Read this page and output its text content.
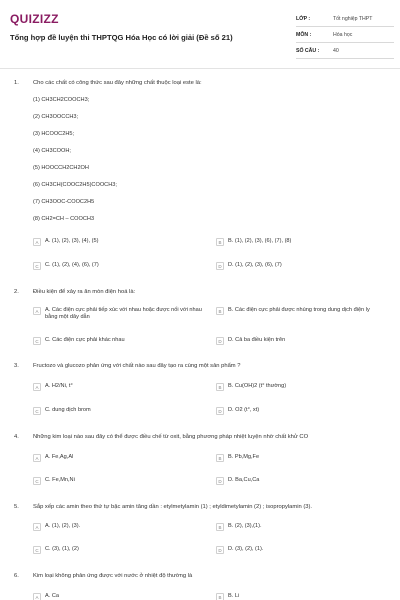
QUIZIZZ
Tổng hợp đề luyện thi THPTQG Hóa Học có lời giải (Đề số 21)
LỚP :	Tốt nghiệp THPT
MÔN :	Hóa học
SỐ CÂU :	40
1. Cho các chất có công thức sau đây những chất thuộc loại este là:
(1) CH3CH2COOCH3;
(2) CH3OOCCH3;
(3) HCOOC2H5;
(4) CH3COOH;
(5) HOOCCH2CH2OH
(6) CH3CH(COOC2H5)COOCH3;
(7) CH3OOC-COOC2H5
(8) CH2=CH – COOCH3
A	A. (1), (2), (3), (4), (5)	B	B. (1), (2), (3), (6), (7), (8)
C	C. (1), (2), (4), (6), (7)	D	D. (1), (2), (3), (6), (7)
2. Điều kiện để xảy ra ăn mòn điện hoá là:
A	A. Các điện cực phải tiếp xúc với nhau hoặc được nối với nhau bằng một dây dẫn
B	B. Các điện cực phải được nhúng trong dung dịch điện ly
C	C. Các điện cực phải khác nhau	D	D. Cả ba điều kiện trên
3. Fructozo và glucozo phản ứng với chất nào sau đây tạo ra cùng một sản phẩm ?
A	A. H2/Ni, t°	B	B. Cu(OH)2 (t° thường)
C	C. dung dịch brom	D	D. O2 (t°, xt)
4. Những kim loại nào sau đây có thể được điều chế từ oxit, bằng phương pháp nhiệt luyện nhờ chất khử CO
A	A. Fe,Ag,Al	B	B. Pb,Mg,Fe
C	C. Fe,Mn,Ni	D	D. Ba,Cu,Ca
5. Sắp xếp các amin theo thứ tự bậc amin tăng dần : etylmetylamin (1) ; etyldimetylamin (2) ; isopropylamin (3).
A	A. (1), (2), (3).	B	B. (2), (3),(1).
C	C. (3), (1), (2)	D	D. (3), (2), (1).
6. Kim loại không phản ứng được với nước ở nhiệt độ thường là
A	A. Ca	B	B. Li
